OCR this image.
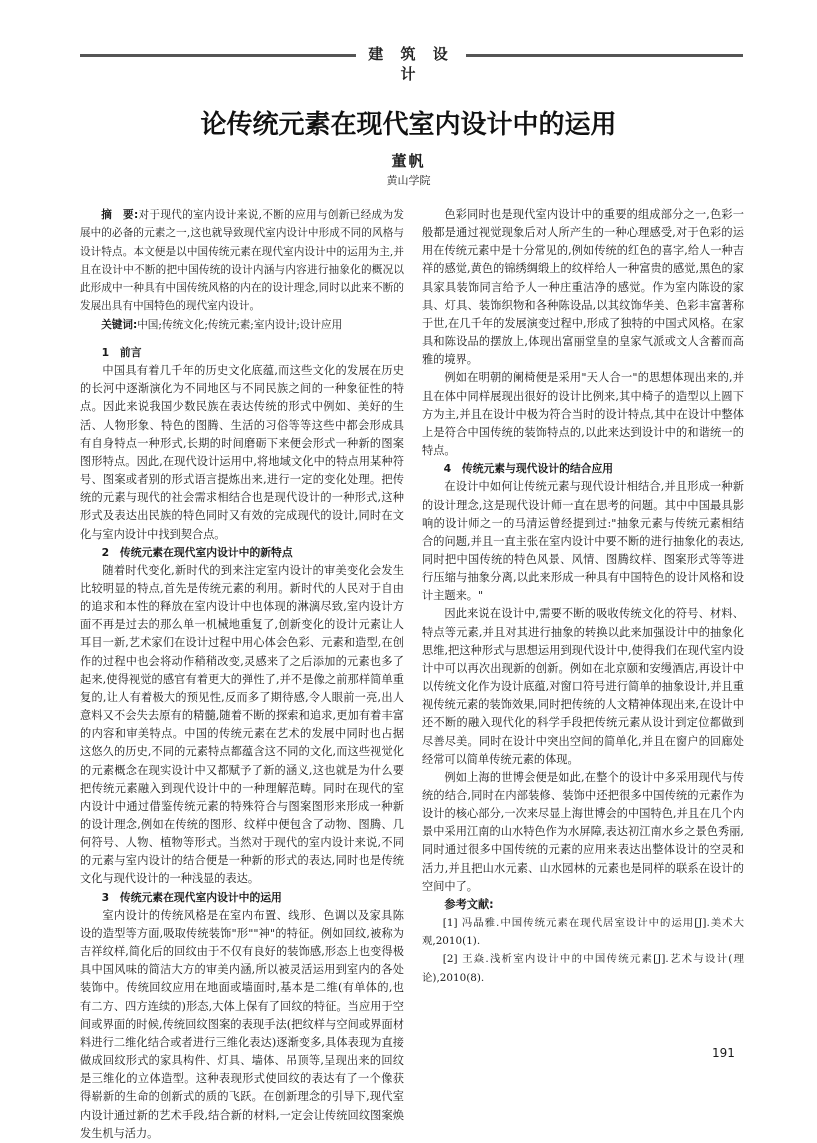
建 筑 设 计
论传统元素在现代室内设计中的运用
董帆
黄山学院

摘　要:对于现代的室内设计来说,不断的应用与创新已经成为发展中的必备的元素之一,这也就导致现代室内设计中形成不同的风格与设计特点。本文便是以中国传统元素在现代室内设计中的运用为主,并且在设计中不断的把中国传统的设计内涵与内容进行抽象化的概况以此形成中一种具有中国传统风格的内在的设计理念,同时以此来不断的发展出具有中国特色的现代室内设计。

关键词:中国;传统文化;传统元素;室内设计;设计应用

1　前言

中国具有着几千年的历史文化底蕴,而这些文化的发展在历史的长河中逐渐演化为不同地区与不同民族之间的一种象征性的特点。因此来说我国少数民族在表达传统的形式中例如、美好的生活、人物形象、特色的图腾、生活的习俗等等这些中都会形成具有自身特点一种形式,长期的时间磨砺下来便会形式一种新的图案图形特点。因此,在现代设计运用中,将地域文化中的特点用某种符号、图案或者别的形式语言提炼出来,进行一定的变化处理。把传统的元素与现代的社会需求相结合也是现代设计的一种形式,这种形式及表达出民族的特色同时又有效的完成现代的设计,同时在文化与室内设计中找到契合点。

2　传统元素在现代室内设计中的新特点

随着时代变化,新时代的到来注定室内设计的审美变化会发生比较明显的特点,首先是传统元素的利用。新时代的人民对于自由的追求和本性的释放在室内设计中也体现的淋漓尽致,室内设计方面不再是过去的那么单一机械地重复了,创新变化的设计元素让人耳目一新,艺术家们在设计过程中用心体会色彩、元素和造型,在创作的过程中也会将动作稍稍改变,灵感来了之后添加的元素也多了起来,使得视觉的感官有着更大的弹性了,并不是像之前那样简单重复的,让人有着极大的预见性,反而多了期待感,令人眼前一亮,出人意料又不会失去原有的精髓,随着不断的探索和追求,更加有着丰富的内容和审美特点。中国的传统元素在艺术的发展中同时也占据这悠久的历史,不同的元素特点都蕴含这不同的文化,而这些视觉化的元素概念在现实设计中又都赋予了新的涵义,这也就是为什么要把传统元素融入到现代设计中的一种理解范畴。同时在现代的室内设计中通过借鉴传统元素的特殊符合与图案图形来形成一种新的设计理念,例如在传统的图形、纹样中便包含了动物、图腾、几何符号、人物、植物等形式。当然对于现代的室内设计来说,不同的元素与室内设计的结合便是一种新的形式的表达,同时也是传统文化与现代设计的一种浅显的表达。

3　传统元素在现代室内设计中的运用

室内设计的传统风格是在室内布置、线形、色调以及家具陈设的造型等方面,吸取传统装饰"形""神"的特征。例如回纹,被称为吉祥纹样,简化后的回纹由于不仅有良好的装饰感,形态上也变得极具中国风味的简洁大方的审美内涵,所以被灵活运用到室内的各处装饰中。传统回纹应用在地面或墙面时,基本是二维(有单体的,也有二方、四方连续的)形态,大体上保有了回纹的特征。当应用于空间或界面的时候,传统回纹图案的表现手法(把纹样与空间或界面材料进行二维化结合或者进行三维化表达)逐渐变多,具体表现为直接做成回纹形式的家具构件、灯具、墙体、吊顶等,呈现出来的回纹是三维化的立体造型。这种表现形式使回纹的表达有了一个像获得崭新的生命的创新式的质的飞跃。在创新理念的引导下,现代室内设计通过新的艺术手段,结合新的材料,一定会让传统回纹图案焕发生机与活力。

色彩同时也是现代室内设计中的重要的组成部分之一,色彩一般都是通过视觉现象后对人所产生的一种心理感受,对于色彩的运用在传统元素中是十分常见的,例如传统的红色的喜字,给人一种吉祥的感觉,黄色的锦绣绸缎上的纹样给人一种富贵的感觉,黑色的家具家具装饰同言给予人一种庄重洁净的感觉。作为室内陈设的家具、灯具、装饰织物和各种陈设品,以其纹饰华美、色彩丰富著称于世,在几千年的发展演变过程中,形成了独特的中国式风格。在家具和陈设品的摆放上,体现出富丽堂皇的皇家气派或文人含蓄而高雅的境界。

例如在明朝的阑椅便是采用"天人合一"的思想体现出来的,并且在体中同样展现出很好的设计比例来,其中椅子的造型以上圆下方为主,并且在设计中极为符合当时的设计特点,其中在设计中整体上是符合中国传统的装饰特点的,以此来达到设计中的和谐统一的特点。

4　传统元素与现代设计的结合应用

在设计中如何让传统元素与现代设计相结合,并且形成一种新的设计理念,这是现代设计师一直在思考的问题。其中中国最具影响的设计师之一的马清运曾经提到过:"抽象元素与传统元素相结合的问题,并且一直主张在室内设计中要不断的进行抽象化的表达,同时把中国传统的特色风景、风情、图腾纹样、图案形式等等进行压缩与抽象分离,以此来形成一种具有中国特色的设计风格和设计主题来。"

因此来说在设计中,需要不断的吸收传统文化的符号、材料、特点等元素,并且对其进行抽象的转换以此来加强设计中的抽象化思维,把这种形式与思想运用到现代设计中,使得我们在现代室内设计中可以再次出现新的创新。例如在北京颐和安缦酒店,再设计中以传统文化作为设计底蕴,对窗口符号进行简单的抽象设计,并且重视传统元素的装饰效果,同时把传统的人文精神体现出来,在设计中还不断的融入现代化的科学手段把传统元素从设计到定位都做到尽善尽美。同时在设计中突出空间的简单化,并且在窗户的回廊处经常可以简单传统元素的体现。

例如上海的世博会便是如此,在整个的设计中多采用现代与传统的结合,同时在内部装修、装饰中还把很多中国传统的元素作为设计的核心部分,一次来尽显上海世博会的中国特色,并且在几个内景中采用江南的山水特色作为水屏障,表达初江南水乡之景色秀丽,同时通过很多中国传统的元素的应用来表达出整体设计的空灵和活力,并且把山水元素、山水园林的元素也是同样的联系在设计的空间中了。

参考文献:

[1] 冯晶雅.中国传统元素在现代居室设计中的运用[J].美术大观,2010(1).

[2] 王焱.浅析室内设计中的中国传统元素[J].艺术与设计(理论),2010(8).

191
